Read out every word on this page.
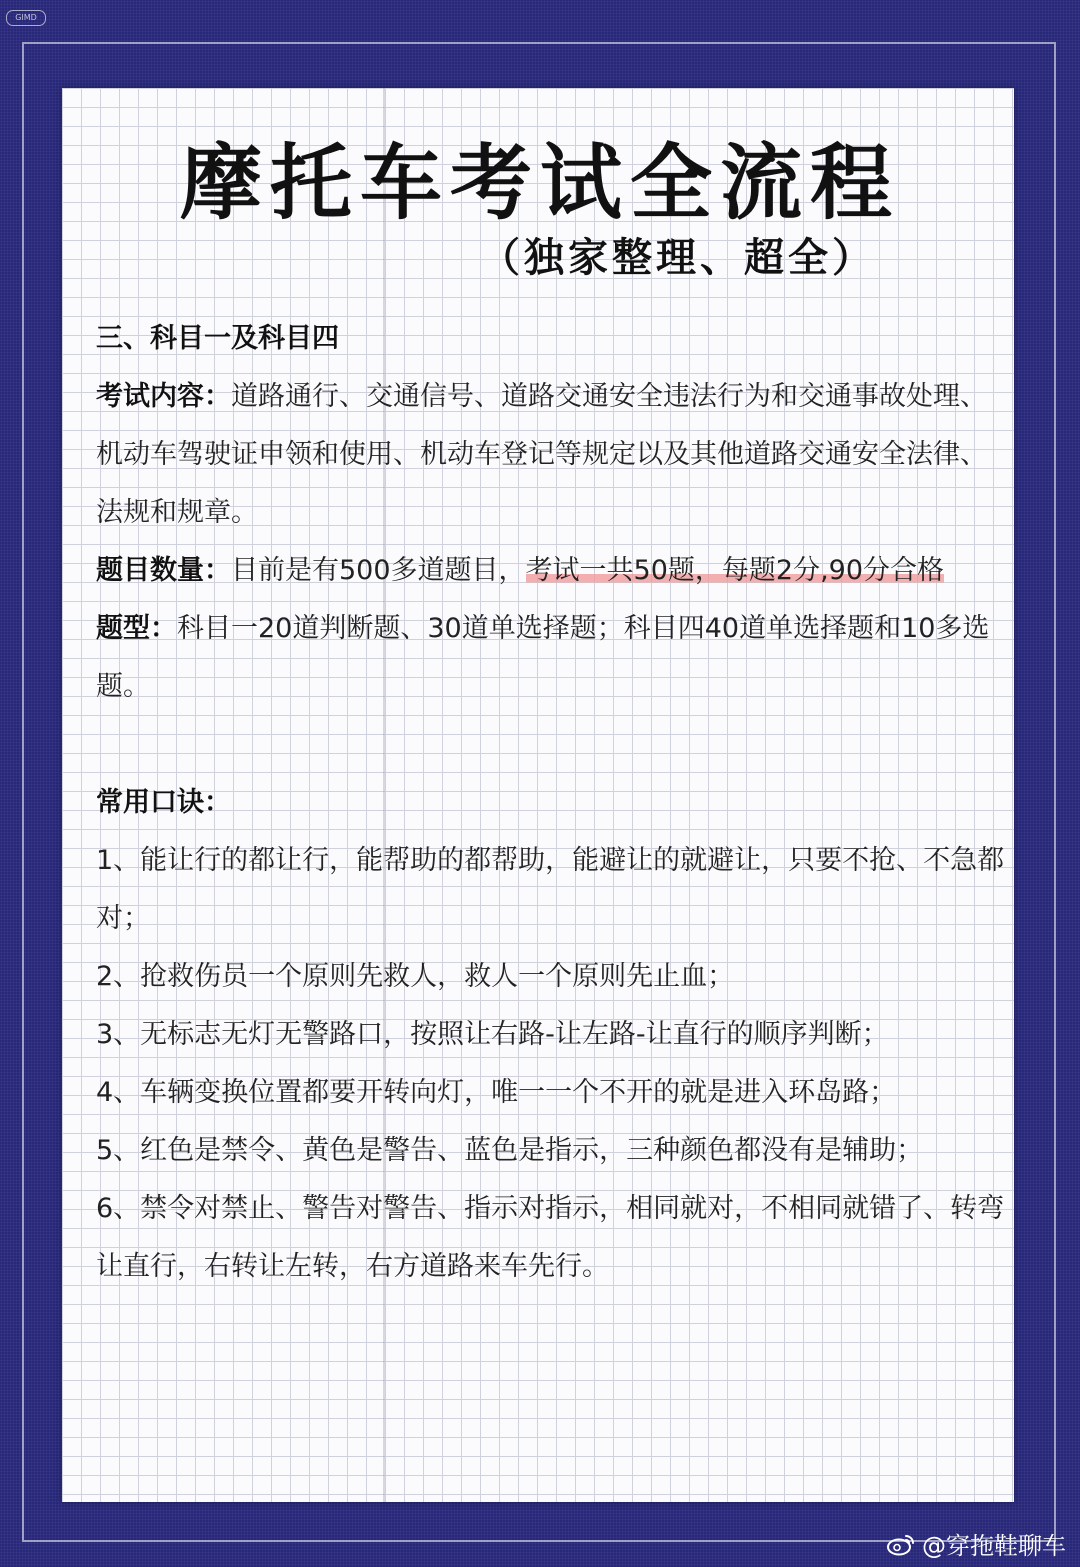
GIMD
摩托车考试全流程
（独家整理、超全）

三、科目一及科目四

考试内容：道路通行、交通信号、道路交通安全违法行为和交通事故处理、机动车驾驶证申领和使用、机动车登记等规定以及其他道路交通安全法律、法规和规章。

题目数量：目前是有500多道题目，考试一共50题，每题2分,90分合格

题型：科目一20道判断题、30道单选择题；科目四40道单选择题和10多选题。

常用口诀：

1、能让行的都让行，能帮助的都帮助，能避让的就避让，只要不抢、不急都对；

2、抢救伤员一个原则先救人，救人一个原则先止血；

3、无标志无灯无警路口，按照让右路-让左路-让直行的顺序判断；

4、车辆变换位置都要开转向灯，唯一一个不开的就是进入环岛路；

5、红色是禁令、黄色是警告、蓝色是指示，三种颜色都没有是辅助；

6、禁令对禁止、警告对警告、指示对指示，相同就对，不相同就错了、转弯让直行，右转让左转，右方道路来车先行。

@穿拖鞋聊车
